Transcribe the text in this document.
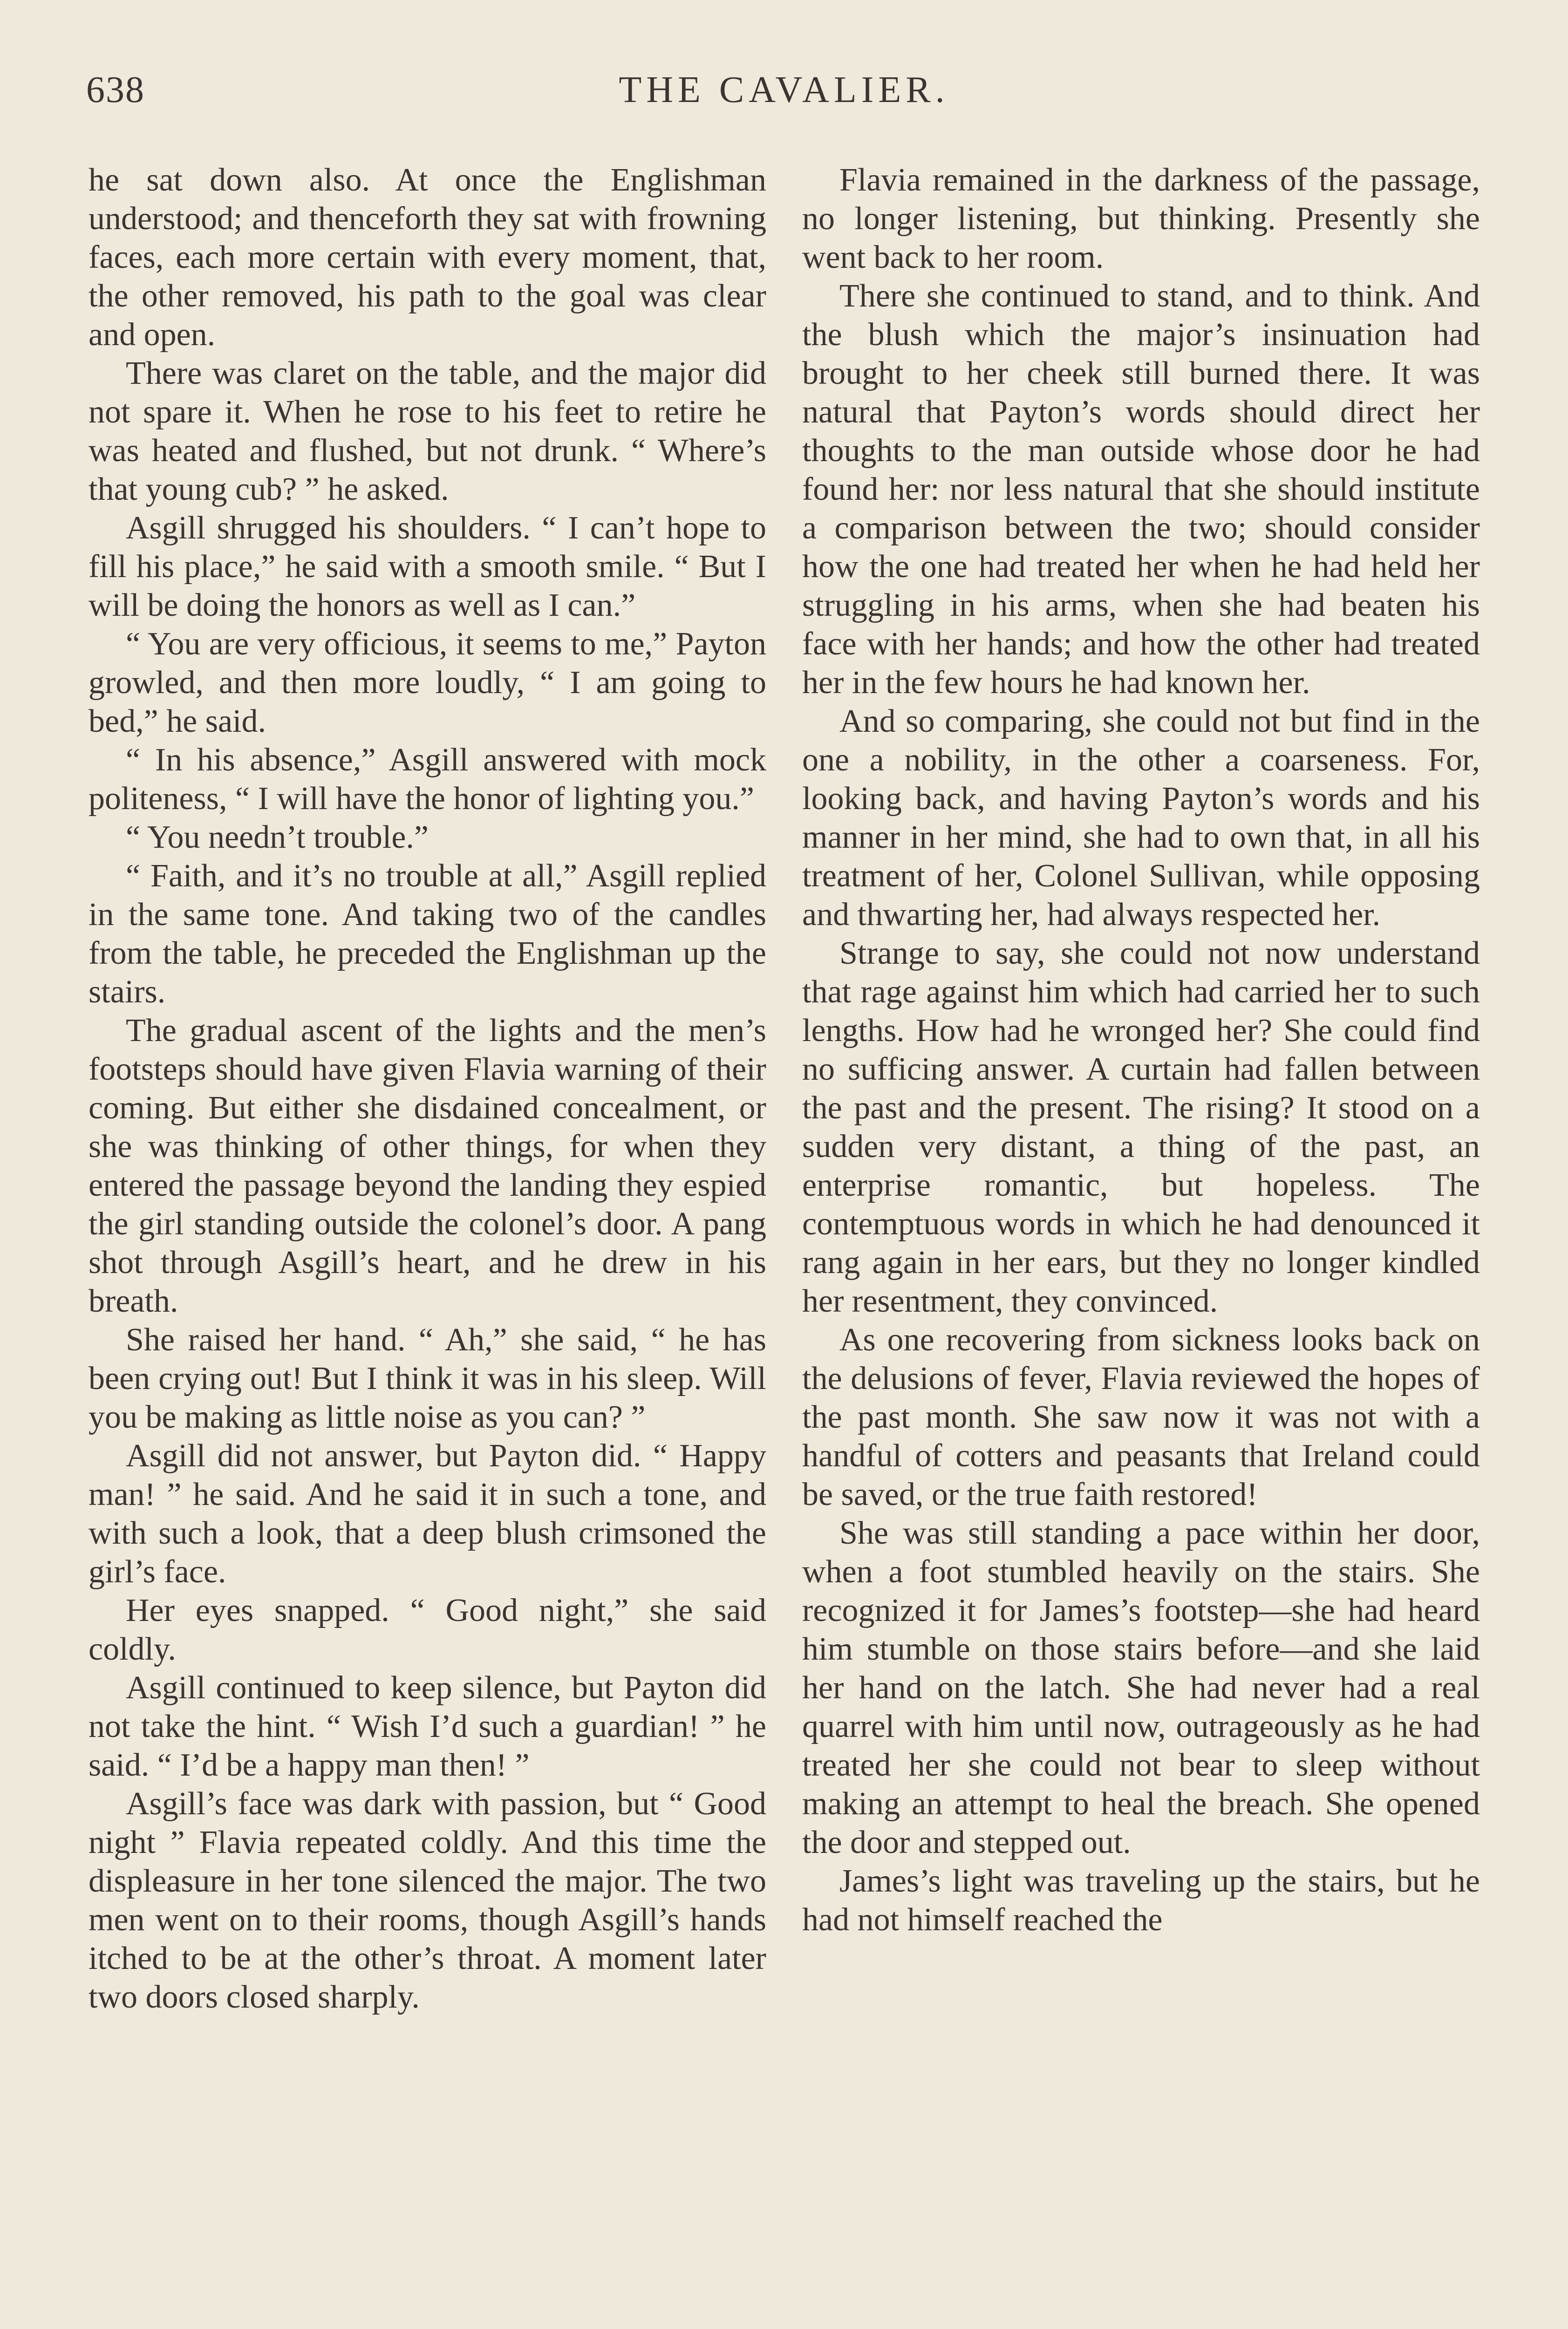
638	THE CAVALIER.

he sat down also. At once the Englishman understood; and thenceforth they sat with frowning faces, each more certain with every moment, that, the other removed, his path to the goal was clear and open.

There was claret on the table, and the major did not spare it. When he rose to his feet to retire he was heated and flushed, but not drunk. “ Where’s that young cub? ” he asked.

Asgill shrugged his shoulders. “ I can’t hope to fill his place,” he said with a smooth smile. “ But I will be doing the honors as well as I can.”

“ You are very officious, it seems to me,” Payton growled, and then more loudly, “ I am going to bed,” he said.

“ In his absence,” Asgill answered with mock politeness, “ I will have the honor of lighting you.”

“ You needn’t trouble.”

“ Faith, and it’s no trouble at all,” Asgill replied in the same tone. And taking two of the candles from the table, he preceded the Englishman up the stairs.

The gradual ascent of the lights and the men’s footsteps should have given Flavia warning of their coming. But either she disdained concealment, or she was thinking of other things, for when they entered the passage beyond the landing they espied the girl standing outside the colonel’s door. A pang shot through Asgill’s heart, and he drew in his breath.

She raised her hand. “ Ah,” she said, “ he has been crying out! But I think it was in his sleep. Will you be making as little noise as you can? ”

Asgill did not answer, but Payton did. “ Happy man! ” he said. And he said it in such a tone, and with such a look, that a deep blush crimsoned the girl’s face.

Her eyes snapped. “ Good night,” she said coldly.

Asgill continued to keep silence, but Payton did not take the hint. “ Wish I’d such a guardian! ” he said. “ I’d be a happy man then! ”

Asgill’s face was dark with passion, but “ Good night ” Flavia repeated coldly. And this time the displeasure in her tone silenced the major. The two men went on to their rooms, though Asgill’s hands itched to be at the other’s throat. A moment later two doors closed sharply.

Flavia remained in the darkness of the passage, no longer listening, but thinking. Presently she went back to her room.

There she continued to stand, and to think. And the blush which the major’s insinuation had brought to her cheek still burned there. It was natural that Payton’s words should direct her thoughts to the man outside whose door he had found her: nor less natural that she should institute a comparison between the two; should consider how the one had treated her when he had held her struggling in his arms, when she had beaten his face with her hands; and how the other had treated her in the few hours he had known her.

And so comparing, she could not but find in the one a nobility, in the other a coarseness. For, looking back, and having Payton’s words and his manner in her mind, she had to own that, in all his treatment of her, Colonel Sullivan, while opposing and thwarting her, had always respected her.

Strange to say, she could not now understand that rage against him which had carried her to such lengths. How had he wronged her? She could find no sufficing answer. A curtain had fallen between the past and the present. The rising? It stood on a sudden very distant, a thing of the past, an enterprise romantic, but hopeless. The contemptuous words in which he had denounced it rang again in her ears, but they no longer kindled her resentment, they convinced.

As one recovering from sickness looks back on the delusions of fever, Flavia reviewed the hopes of the past month. She saw now it was not with a handful of cotters and peasants that Ireland could be saved, or the true faith restored!

She was still standing a pace within her door, when a foot stumbled heavily on the stairs. She recognized it for James’s footstep—she had heard him stumble on those stairs before—and she laid her hand on the latch. She had never had a real quarrel with him until now, outrageously as he had treated her she could not bear to sleep without making an attempt to heal the breach. She opened the door and stepped out.

James’s light was traveling up the stairs, but he had not himself reached the
